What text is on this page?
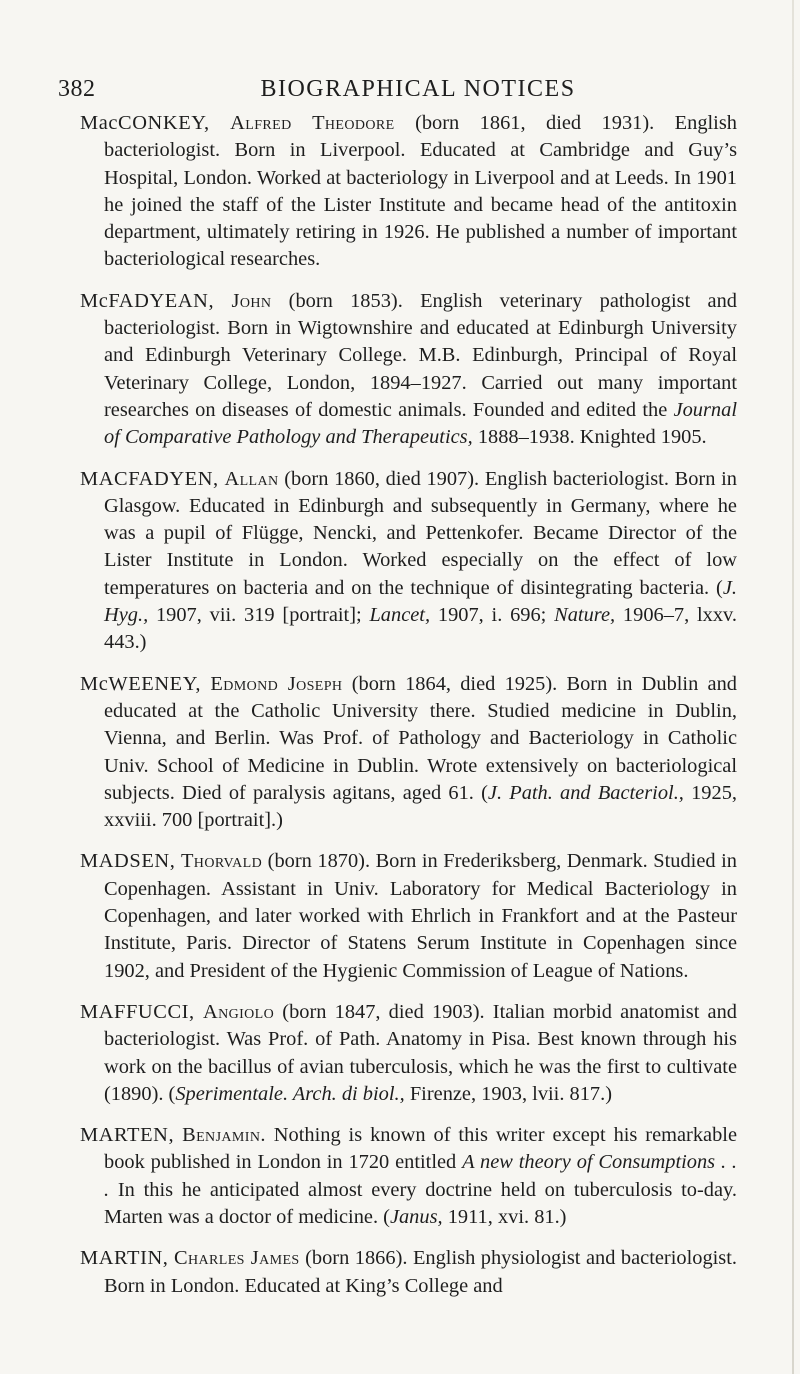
382	BIOGRAPHICAL NOTICES

MacCONKEY, Alfred Theodore (born 1861, died 1931). English bacteriologist. Born in Liverpool. Educated at Cambridge and Guy’s Hospital, London. Worked at bacteriology in Liverpool and at Leeds. In 1901 he joined the staff of the Lister Institute and became head of the antitoxin department, ultimately retiring in 1926. He published a number of important bacteriological researches.

McFADYEAN, John (born 1853). English veterinary pathologist and bacteriologist. Born in Wigtownshire and educated at Edinburgh University and Edinburgh Veterinary College. M.B. Edinburgh, Principal of Royal Veterinary College, London, 1894–1927. Carried out many important researches on diseases of domestic animals. Founded and edited the Journal of Comparative Pathology and Therapeutics, 1888–1938. Knighted 1905.

MACFADYEN, Allan (born 1860, died 1907). English bacteriologist. Born in Glasgow. Educated in Edinburgh and subsequently in Germany, where he was a pupil of Flügge, Nencki, and Pettenkofer. Became Director of the Lister Institute in London. Worked especially on the effect of low temperatures on bacteria and on the technique of disintegrating bacteria. (J. Hyg., 1907, vii. 319 [portrait]; Lancet, 1907, i. 696; Nature, 1906–7, lxxv. 443.)

McWEENEY, Edmond Joseph (born 1864, died 1925). Born in Dublin and educated at the Catholic University there. Studied medicine in Dublin, Vienna, and Berlin. Was Prof. of Pathology and Bacteriology in Catholic Univ. School of Medicine in Dublin. Wrote extensively on bacteriological subjects. Died of paralysis agitans, aged 61. (J. Path. and Bacteriol., 1925, xxviii. 700 [portrait].)

MADSEN, Thorvald (born 1870). Born in Frederiksberg, Denmark. Studied in Copenhagen. Assistant in Univ. Laboratory for Medical Bacteriology in Copenhagen, and later worked with Ehrlich in Frankfort and at the Pasteur Institute, Paris. Director of Statens Serum Institute in Copenhagen since 1902, and President of the Hygienic Commission of League of Nations.

MAFFUCCI, Angiolo (born 1847, died 1903). Italian morbid anatomist and bacteriologist. Was Prof. of Path. Anatomy in Pisa. Best known through his work on the bacillus of avian tuberculosis, which he was the first to cultivate (1890). (Sperimentale. Arch. di biol., Firenze, 1903, lvii. 817.)

MARTEN, Benjamin. Nothing is known of this writer except his remarkable book published in London in 1720 entitled A new theory of Consumptions . . . In this he anticipated almost every doctrine held on tuberculosis to-day. Marten was a doctor of medicine. (Janus, 1911, xvi. 81.)

MARTIN, Charles James (born 1866). English physiologist and bacteriologist. Born in London. Educated at King’s College and
